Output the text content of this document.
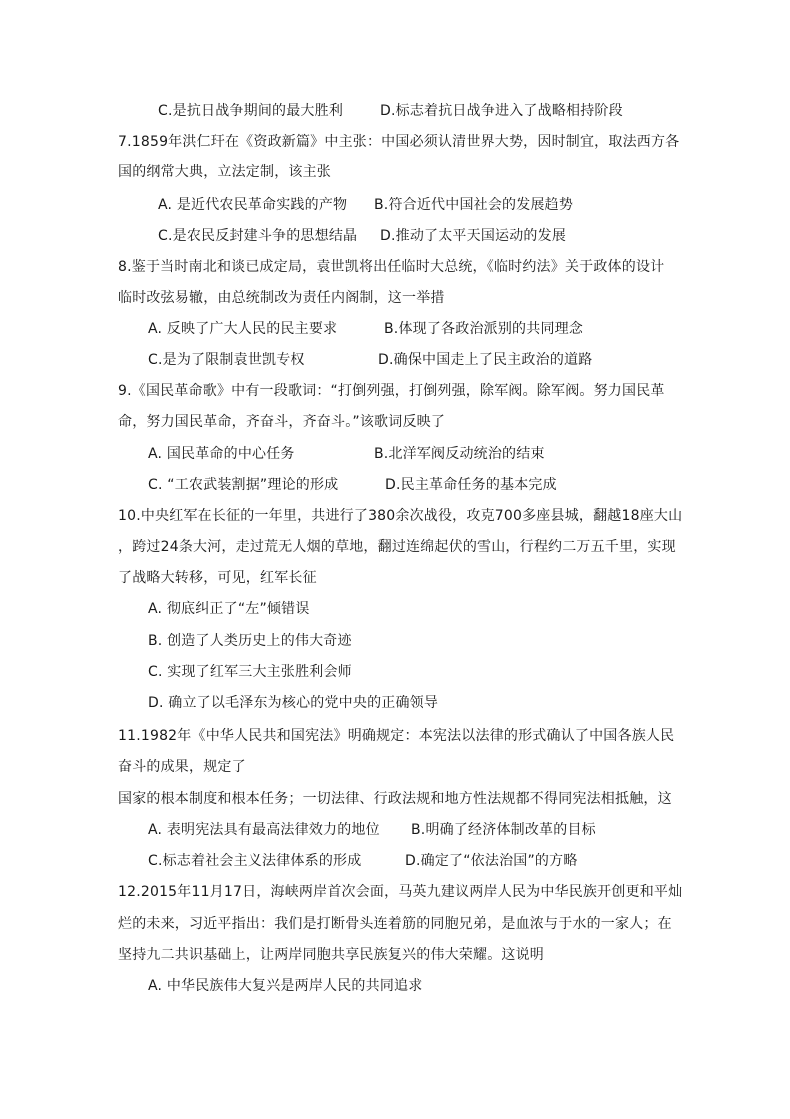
C.是抗日战争期间的最大胜利	D.标志着抗日战争进入了战略相持阶段
7.1859年洪仁玕在《资政新篇》中主张：中国必须认清世界大势，因时制宜，取法西方各
国的纲常大典，立法定制，该主张
A. 是近代农民革命实践的产物 B.符合近代中国社会的发展趋势
C.是农民反封建斗争的思想结晶 D.推动了太平天国运动的发展
8.鉴于当时南北和谈已成定局，袁世凯将出任临时大总统，《临时约法》关于政体的设计
临时改弦易辙，由总统制改为责任内阁制，这一举措
A. 反映了广大人民的民主要求	B.体现了各政治派别的共同理念
C.是为了限制袁世凯专权	D.确保中国走上了民主政治的道路
9.《国民革命歌》中有一段歌词：“打倒列强，打倒列强，除军阀。除军阀。努力国民革
命，努力国民革命，齐奋斗，齐奋斗。”该歌词反映了
A. 国民革命的中心任务	B.北洋军阀反动统治的结束
C. “工农武装割据”理论的形成	D.民主革命任务的基本完成
10.中央红军在长征的一年里，共进行了380余次战役，攻克700多座县城，翻越18座大山
，跨过24条大河，走过荒无人烟的草地，翻过连绵起伏的雪山，行程约二万五千里，实现
了战略大转移，可见，红军长征
A. 彻底纠正了“左”倾错误
B. 创造了人类历史上的伟大奇迹
C. 实现了红军三大主张胜利会师
D. 确立了以毛泽东为核心的党中央的正确领导
11.1982年《中华人民共和国宪法》明确规定：本宪法以法律的形式确认了中国各族人民
奋斗的成果，规定了
国家的根本制度和根本任务；一切法律、行政法规和地方性法规都不得同宪法相抵触，这
A. 表明宪法具有最高法律效力的地位 B.明确了经济体制改革的目标
C.标志着社会主义法律体系的形成	D.确定了“依法治国”的方略
12.2015年11月17日，海峡两岸首次会面，马英九建议两岸人民为中华民族开创更和平灿
烂的未来，习近平指出：我们是打断骨头连着筋的同胞兄弟，是血浓与于水的一家人；在
坚持九二共识基础上，让两岸同胞共享民族复兴的伟大荣耀。这说明
A. 中华民族伟大复兴是两岸人民的共同追求
